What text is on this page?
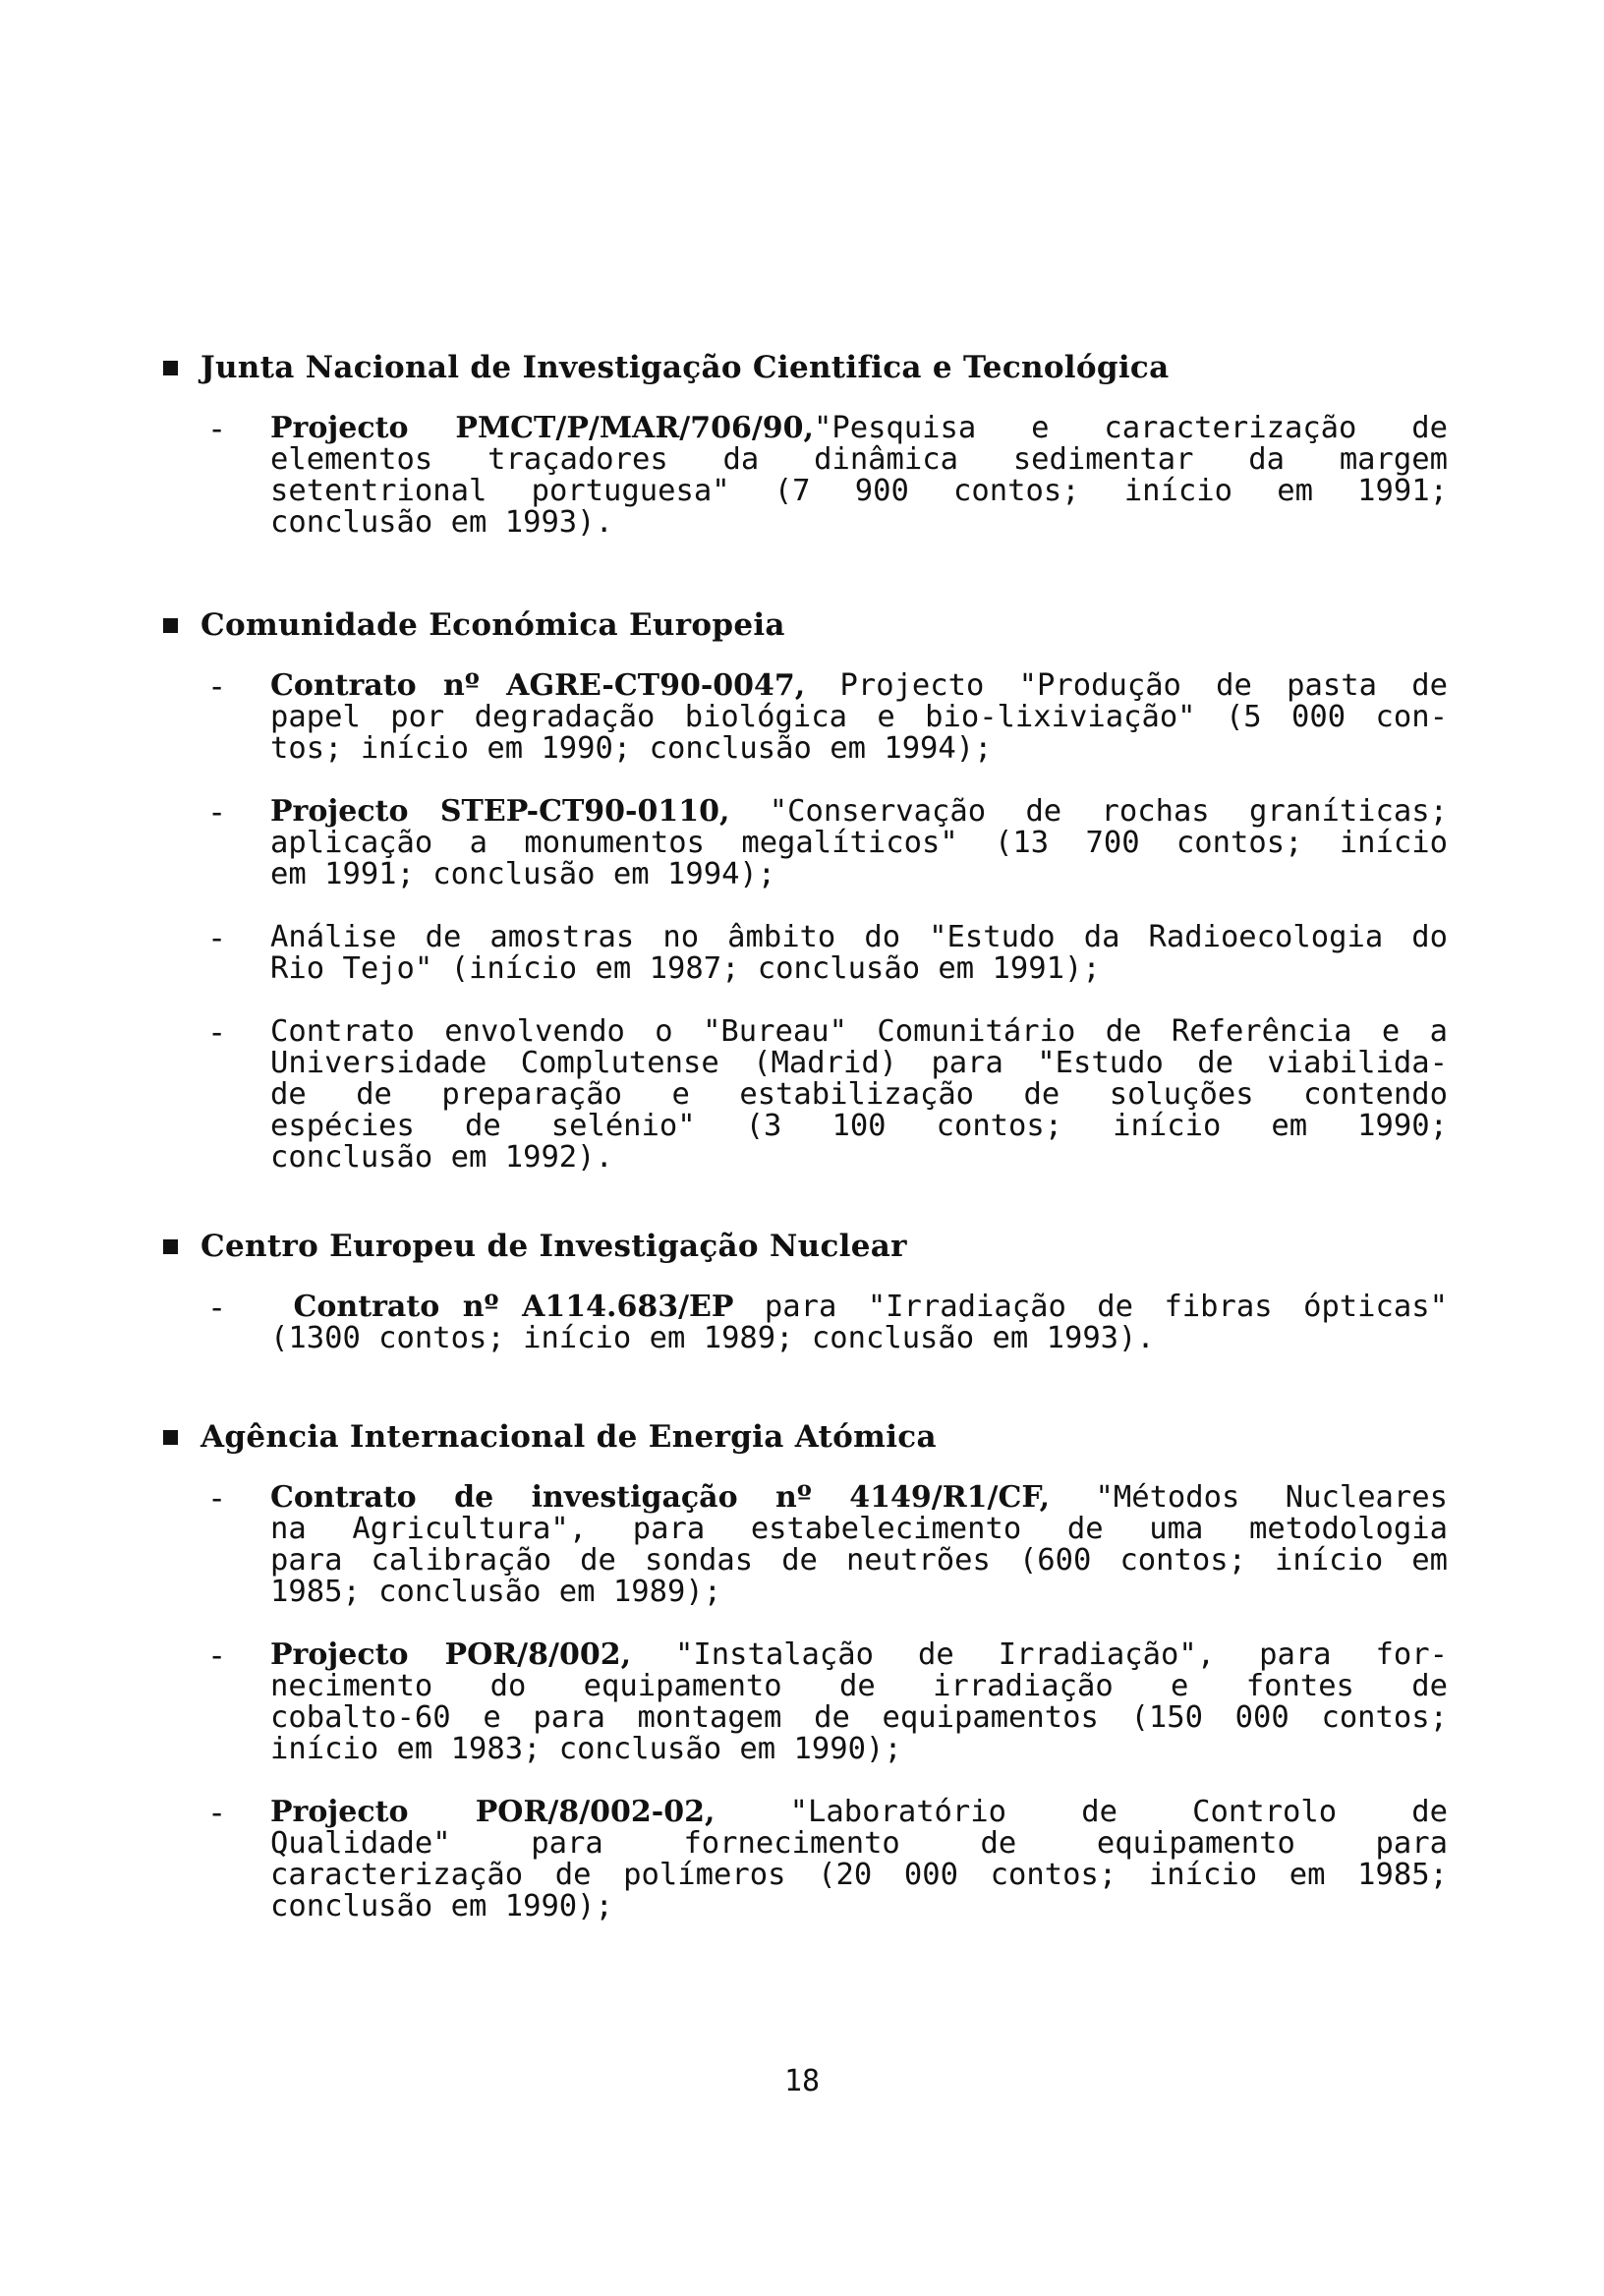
Junta Nacional de Investigação Cientifica e Tecnológica
- Projecto PMCT/P/MAR/706/90,"Pesquisa e caracterização de
elementos traçadores da dinâmica sedimentar da margem
setentrional portuguesa" (7 900 contos; início em 1991;
conclusão em 1993).
Comunidade Económica Europeia
- Contrato nº AGRE-CT90-0047, Projecto "Produção de pasta de
papel por degradação biológica e bio-lixiviação" (5 000 con-
tos; início em 1990; conclusão em 1994);
- Projecto STEP-CT90-0110, "Conservação de rochas graníticas;
aplicação a monumentos megalíticos" (13 700 contos; início
em 1991; conclusão em 1994);
- Análise de amostras no âmbito do "Estudo da Radioecologia do
Rio Tejo" (início em 1987; conclusão em 1991);
- Contrato envolvendo o "Bureau" Comunitário de Referência e a
Universidade Complutense (Madrid) para "Estudo de viabilida-
de de preparação e estabilização de soluções contendo
espécies de selénio" (3 100 contos; início em 1990;
conclusão em 1992).
Centro Europeu de Investigação Nuclear
- Contrato nº A114.683/EP para "Irradiação de fibras ópticas"
(1300 contos; início em 1989; conclusão em 1993).
Agência Internacional de Energia Atómica
- Contrato de investigação nº 4149/R1/CF, "Métodos Nucleares
na Agricultura", para estabelecimento de uma metodologia
para calibração de sondas de neutrões (600 contos; início em
1985; conclusão em 1989);
- Projecto POR/8/002, "Instalação de Irradiação", para for-
necimento do equipamento de irradiação e fontes de
cobalto-60 e para montagem de equipamentos (150 000 contos;
início em 1983; conclusão em 1990);
- Projecto POR/8/002-02, "Laboratório de Controlo de
Qualidade" para fornecimento de equipamento para
caracterização de polímeros (20 000 contos; início em 1985;
conclusão em 1990);
18
